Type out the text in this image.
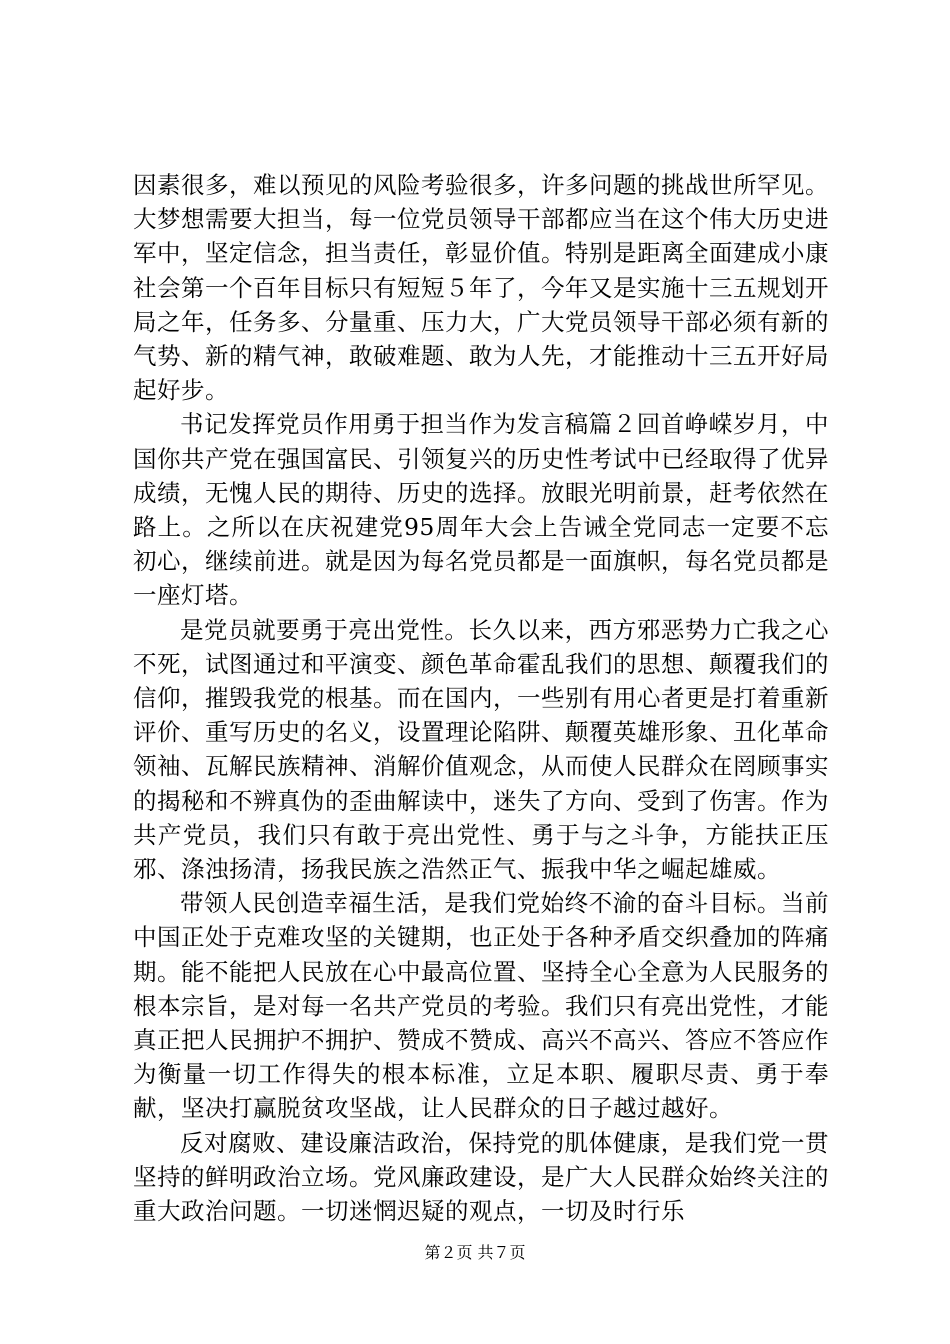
因素很多，难以预见的风险考验很多，许多问题的挑战世所罕见。大梦想需要大担当，每一位党员领导干部都应当在这个伟大历史进军中，坚定信念，担当责任，彰显价值。特别是距离全面建成小康社会第一个百年目标只有短短５年了，今年又是实施十三五规划开局之年，任务多、分量重、压力大，广大党员领导干部必须有新的气势、新的精气神，敢破难题、敢为人先，才能推动十三五开好局起好步。

书记发挥党员作用勇于担当作为发言稿篇２回首峥嵘岁月，中国你共产党在强国富民、引领复兴的历史性考试中已经取得了优异成绩，无愧人民的期待、历史的选择。放眼光明前景，赶考依然在路上。之所以在庆祝建党95周年大会上告诫全党同志一定要不忘初心，继续前进。就是因为每名党员都是一面旗帜，每名党员都是一座灯塔。

是党员就要勇于亮出党性。长久以来，西方邪恶势力亡我之心不死，试图通过和平演变、颜色革命霍乱我们的思想、颠覆我们的信仰，摧毁我党的根基。而在国内，一些别有用心者更是打着重新评价、重写历史的名义，设置理论陷阱、颠覆英雄形象、丑化革命领袖、瓦解民族精神、消解价值观念，从而使人民群众在罔顾事实的揭秘和不辨真伪的歪曲解读中，迷失了方向、受到了伤害。作为共产党员，我们只有敢于亮出党性、勇于与之斗争，方能扶正压邪、涤浊扬清，扬我民族之浩然正气、振我中华之崛起雄威。

带领人民创造幸福生活，是我们党始终不渝的奋斗目标。当前中国正处于克难攻坚的关键期，也正处于各种矛盾交织叠加的阵痛期。能不能把人民放在心中最高位置、坚持全心全意为人民服务的根本宗旨，是对每一名共产党员的考验。我们只有亮出党性，才能真正把人民拥护不拥护、赞成不赞成、高兴不高兴、答应不答应作为衡量一切工作得失的根本标准，立足本职、履职尽责、勇于奉献，坚决打赢脱贫攻坚战，让人民群众的日子越过越好。

反对腐败、建设廉洁政治，保持党的肌体健康，是我们党一贯坚持的鲜明政治立场。党风廉政建设，是广大人民群众始终关注的重大政治问题。一切迷惘迟疑的观点，一切及时行乐

第２页 共７页
